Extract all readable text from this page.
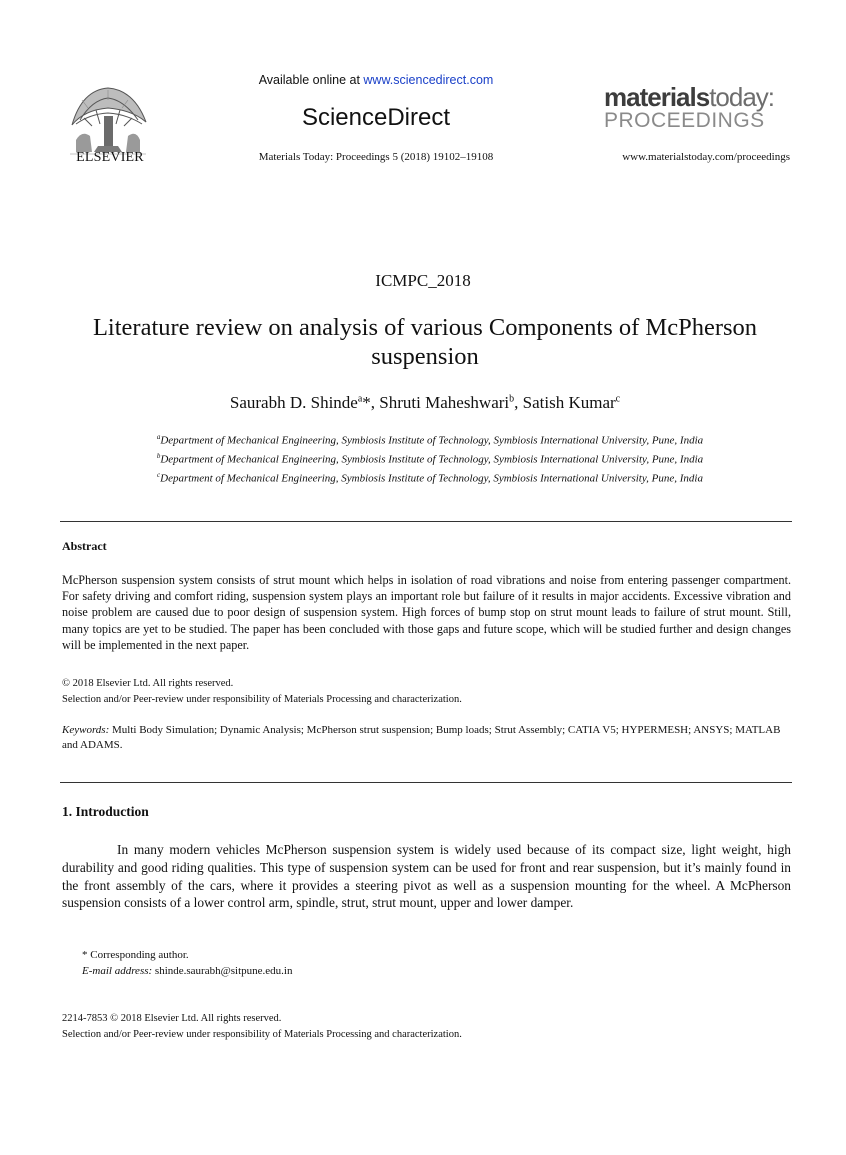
ELSEVIER
Available online at www.sciencedirect.com
ScienceDirect
Materials Today: Proceedings 5 (2018) 19102–19108
materialstoday:
PROCEEDINGS
www.materialstoday.com/proceedings
ICMPC_2018
Literature review on analysis of various Components of McPherson suspension
Saurabh D. Shinde$^a$*, Shruti Maheshwari$^b$, Satish Kumar$^c$
$^a$Department of Mechanical Engineering, Symbiosis Institute of Technology, Symbiosis International University, Pune, India
$^b$Department of Mechanical Engineering, Symbiosis Institute of Technology, Symbiosis International University, Pune, India
$^c$Department of Mechanical Engineering, Symbiosis Institute of Technology, Symbiosis International University, Pune, India
Abstract
McPherson suspension system consists of strut mount which helps in isolation of road vibrations and noise from entering passenger compartment. For safety driving and comfort riding, suspension system plays an important role but failure of it results in major accidents. Excessive vibration and noise problem are caused due to poor design of suspension system. High forces of bump stop on strut mount leads to failure of strut mount. Still, many topics are yet to be studied. The paper has been concluded with those gaps and future scope, which will be studied further and design changes will be implemented in the next paper.
© 2018 Elsevier Ltd. All rights reserved.
Selection and/or Peer-review under responsibility of Materials Processing and characterization.
Keywords: Multi Body Simulation; Dynamic Analysis; McPherson strut suspension; Bump loads; Strut Assembly; CATIA V5; HYPERMESH; ANSYS; MATLAB and ADAMS.
1. Introduction
In many modern vehicles McPherson suspension system is widely used because of its compact size, light weight, high durability and good riding qualities. This type of suspension system can be used for front and rear suspension, but it’s mainly found in the front assembly of the cars, where it provides a steering pivot as well as a suspension mounting for the wheel. A McPherson suspension consists of a lower control arm, spindle, strut, strut mount, upper and lower damper.
* Corresponding author.
E-mail address: shinde.saurabh@sitpune.edu.in
2214-7853 © 2018 Elsevier Ltd. All rights reserved.
Selection and/or Peer-review under responsibility of Materials Processing and characterization.
